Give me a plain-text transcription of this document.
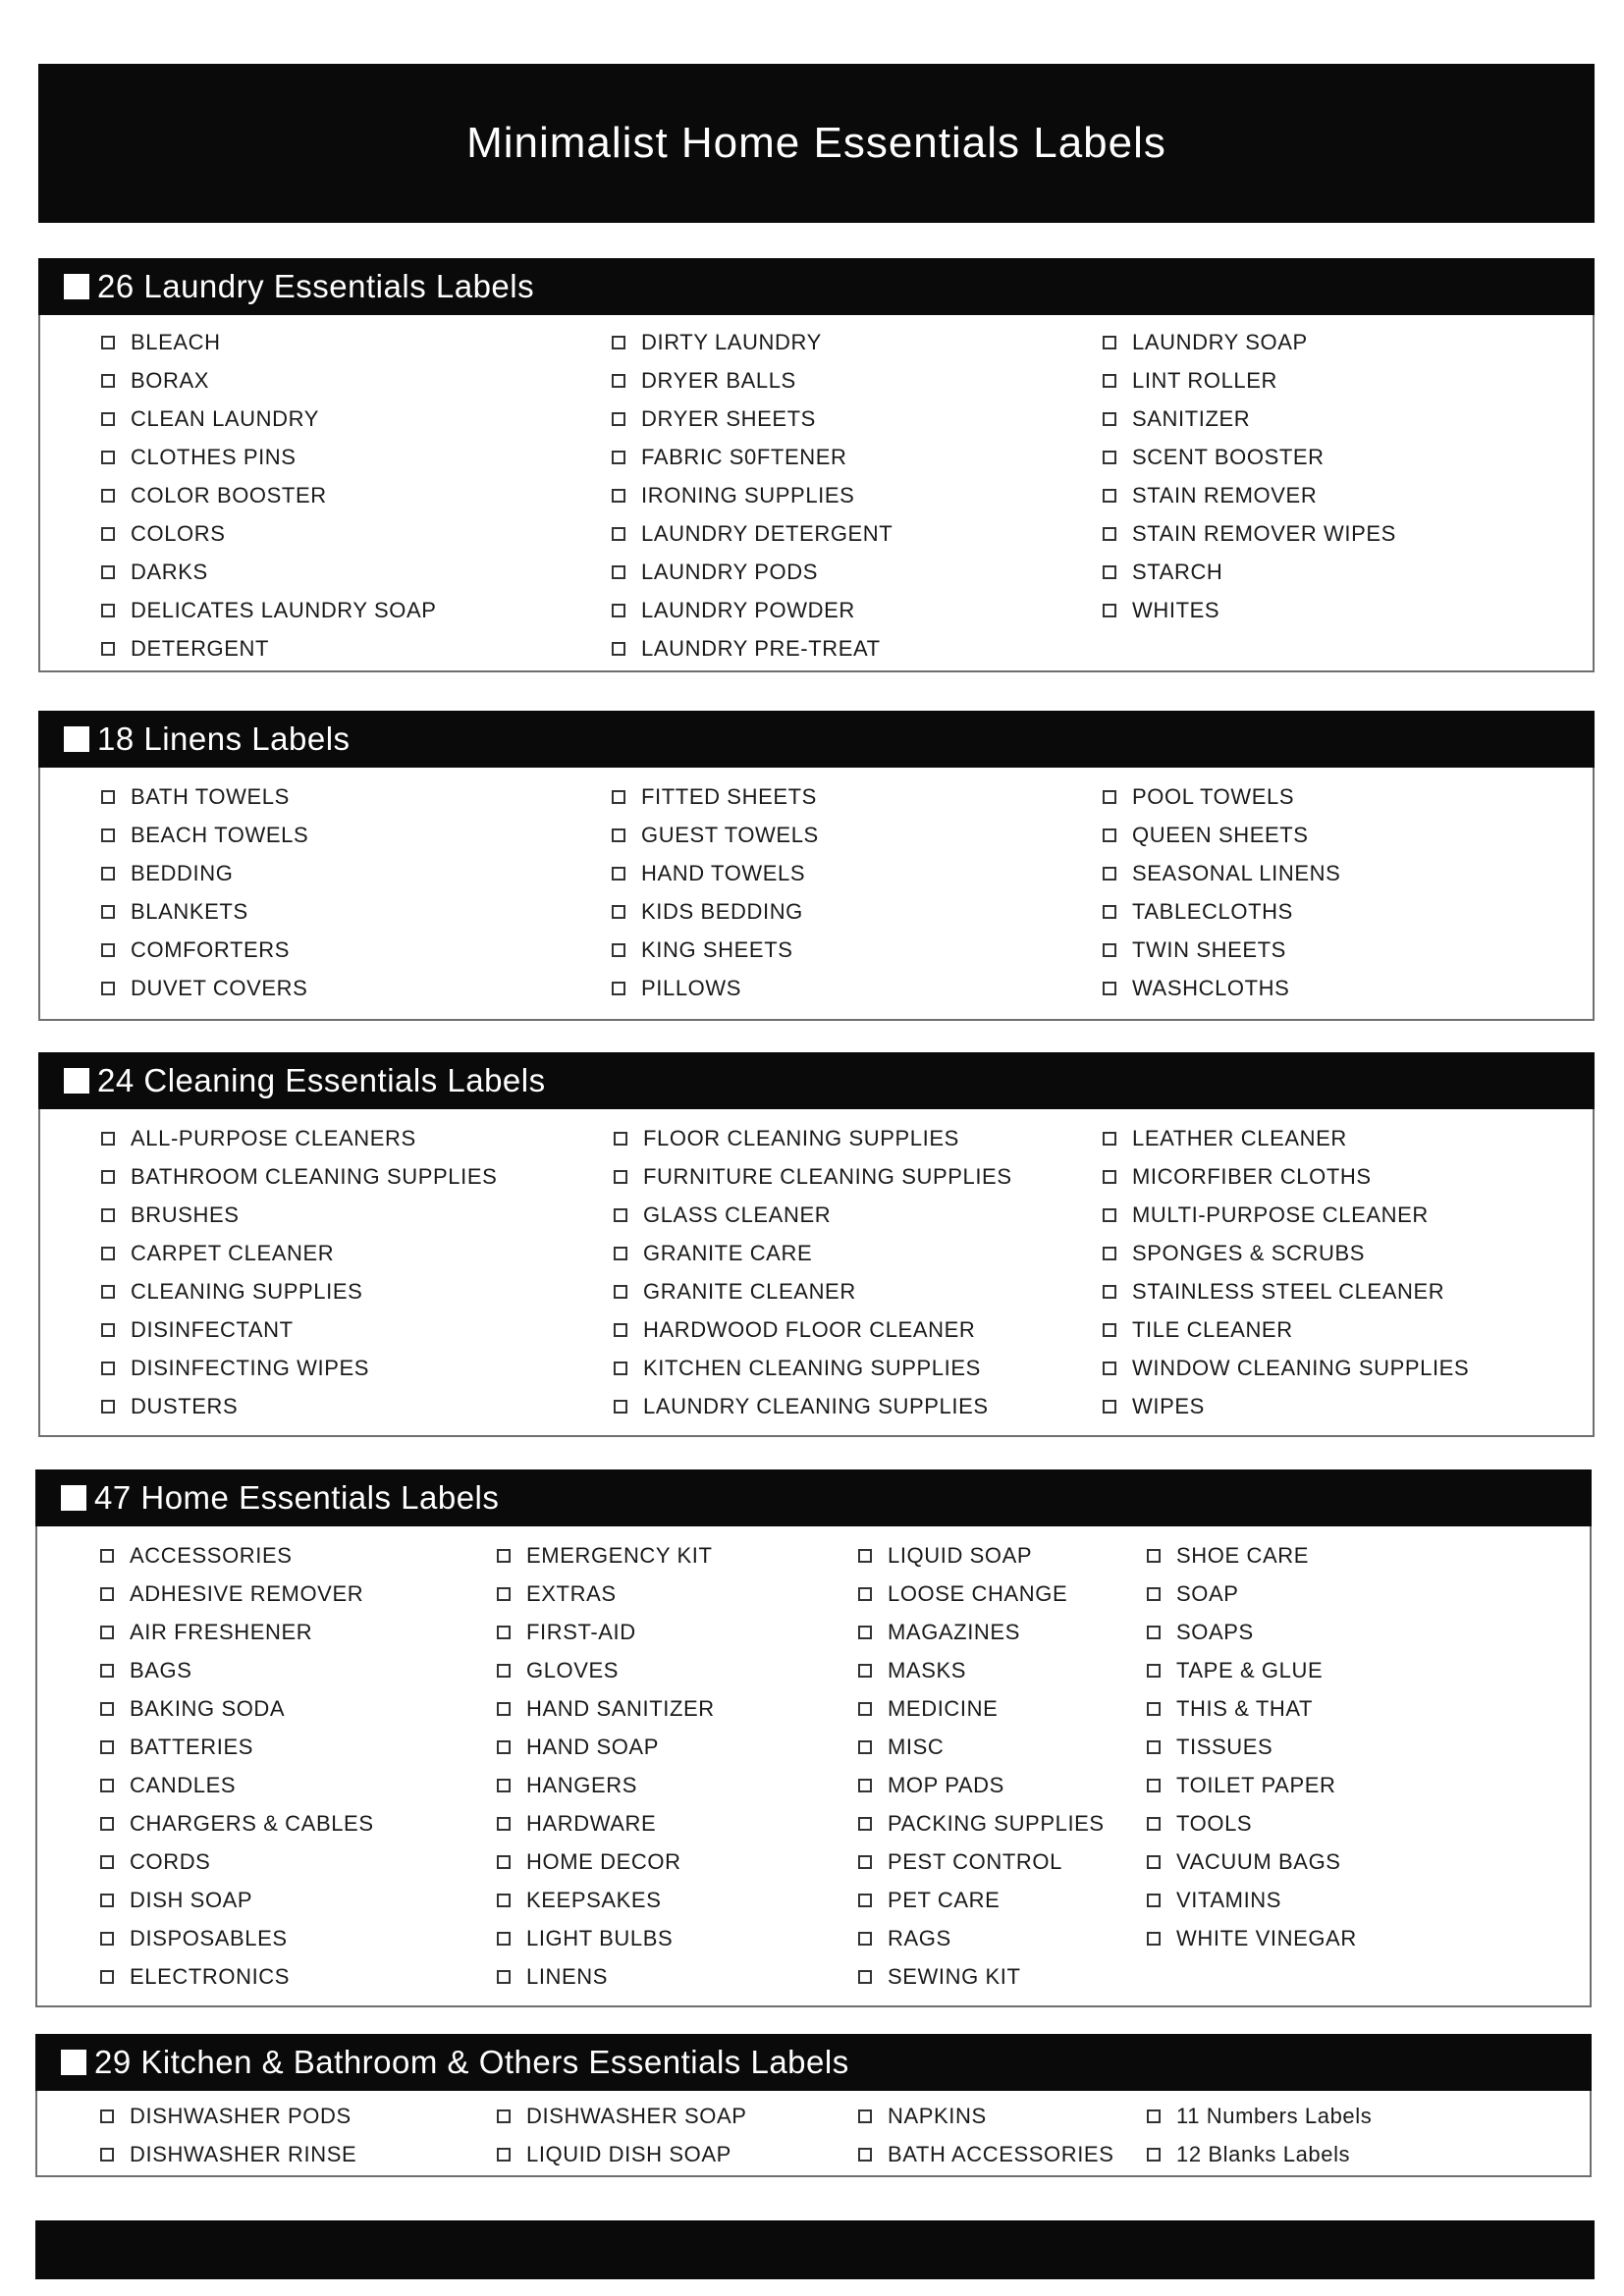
Minimalist Home Essentials Labels
26 Laundry Essentials Labels
BLEACH
BORAX
CLEAN LAUNDRY
CLOTHES PINS
COLOR BOOSTER
COLORS
DARKS
DELICATES LAUNDRY SOAP
DETERGENT
DIRTY LAUNDRY
DRYER BALLS
DRYER SHEETS
FABRIC S0FTENER
IRONING SUPPLIES
LAUNDRY DETERGENT
LAUNDRY PODS
LAUNDRY POWDER
LAUNDRY PRE-TREAT
LAUNDRY SOAP
LINT ROLLER
SANITIZER
SCENT BOOSTER
STAIN REMOVER
STAIN REMOVER WIPES
STARCH
WHITES
18 Linens Labels
BATH TOWELS
BEACH TOWELS
BEDDING
BLANKETS
COMFORTERS
DUVET COVERS
FITTED SHEETS
GUEST TOWELS
HAND TOWELS
KIDS BEDDING
KING SHEETS
PILLOWS
POOL TOWELS
QUEEN SHEETS
SEASONAL LINENS
TABLECLOTHS
TWIN SHEETS
WASHCLOTHS
24 Cleaning Essentials Labels
ALL-PURPOSE CLEANERS
BATHROOM CLEANING SUPPLIES
BRUSHES
CARPET CLEANER
CLEANING SUPPLIES
DISINFECTANT
DISINFECTING WIPES
DUSTERS
FLOOR CLEANING SUPPLIES
FURNITURE CLEANING SUPPLIES
GLASS CLEANER
GRANITE CARE
GRANITE CLEANER
HARDWOOD FLOOR CLEANER
KITCHEN CLEANING SUPPLIES
LAUNDRY CLEANING SUPPLIES
LEATHER CLEANER
MICORFIBER CLOTHS
MULTI-PURPOSE CLEANER
SPONGES & SCRUBS
STAINLESS STEEL CLEANER
TILE CLEANER
WINDOW CLEANING SUPPLIES
WIPES
47 Home Essentials Labels
ACCESSORIES
ADHESIVE REMOVER
AIR FRESHENER
BAGS
BAKING SODA
BATTERIES
CANDLES
CHARGERS & CABLES
CORDS
DISH SOAP
DISPOSABLES
ELECTRONICS
EMERGENCY KIT
EXTRAS
FIRST-AID
GLOVES
HAND SANITIZER
HAND SOAP
HANGERS
HARDWARE
HOME DECOR
KEEPSAKES
LIGHT BULBS
LINENS
LIQUID SOAP
LOOSE CHANGE
MAGAZINES
MASKS
MEDICINE
MISC
MOP PADS
PACKING SUPPLIES
PEST CONTROL
PET CARE
RAGS
SEWING KIT
SHOE CARE
SOAP
SOAPS
TAPE & GLUE
THIS & THAT
TISSUES
TOILET PAPER
TOOLS
VACUUM BAGS
VITAMINS
WHITE VINEGAR
29 Kitchen & Bathroom & Others Essentials Labels
DISHWASHER PODS
DISHWASHER RINSE
DISHWASHER SOAP
LIQUID DISH SOAP
NAPKINS
BATH ACCESSORIES
11 Numbers Labels
12 Blanks Labels
